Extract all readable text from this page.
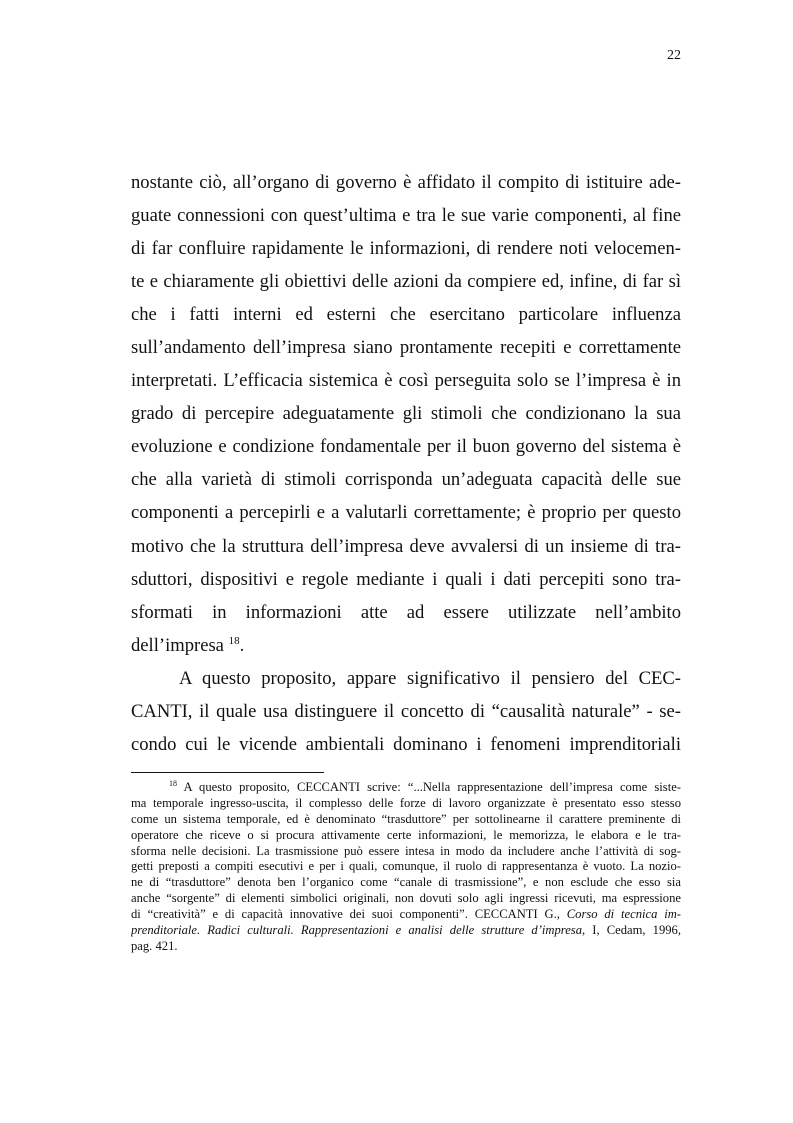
22
nostante ciò, all’organo di governo è affidato il compito di istituire ade-
guate connessioni con quest’ultima e tra le sue varie componenti, al fine
di far confluire rapidamente le informazioni, di rendere noti velocemen-
te e chiaramente gli obiettivi delle azioni da compiere ed, infine, di far sì
che i fatti interni ed esterni che esercitano particolare influenza
sull’andamento dell’impresa siano prontamente recepiti e correttamente
interpretati. L’efficacia sistemica è così perseguita solo se l’impresa è in
grado di percepire adeguatamente gli stimoli che condizionano la sua
evoluzione e condizione fondamentale per il buon governo del sistema è
che alla varietà di stimoli corrisponda un’adeguata capacità delle sue
componenti a percepirli e a valutarli correttamente; è proprio per questo
motivo che la struttura dell’impresa deve avvalersi di un insieme di tra-
sduttori, dispositivi e regole mediante i quali i dati percepiti sono tra-
sformati in informazioni atte ad essere utilizzate nell’ambito
dell’impresa $^{18}$.
A questo proposito, appare significativo il pensiero del CEC-
CANTI, il quale usa distinguere il concetto di “causalità naturale” - se-
condo cui le vicende ambientali dominano i fenomeni imprenditoriali
$^{18}$ A questo proposito, CECCANTI scrive: “...Nella rappresentazione dell’impresa come siste-
ma temporale ingresso-uscita, il complesso delle forze di lavoro organizzate è presentato esso stesso
come un sistema temporale, ed è denominato “trasduttore” per sottolinearne il carattere preminente di
operatore che riceve o si procura attivamente certe informazioni, le memorizza, le elabora e le tra-
sforma nelle decisioni. La trasmissione può essere intesa in modo da includere anche l’attività di sog-
getti preposti a compiti esecutivi e per i quali, comunque, il ruolo di rappresentanza è vuoto. La nozio-
ne di “trasduttore” denota ben l’organico come “canale di trasmissione”, e non esclude che esso sia
anche “sorgente” di elementi simbolici originali, non dovuti solo agli ingressi ricevuti, ma espressione
di “creatività” e di capacità innovative dei suoi componenti”. CECCANTI G., Corso di tecnica im-
prenditoriale. Radici culturali. Rappresentazioni e analisi delle strutture d’impresa, I, Cedam, 1996,
pag. 421.
